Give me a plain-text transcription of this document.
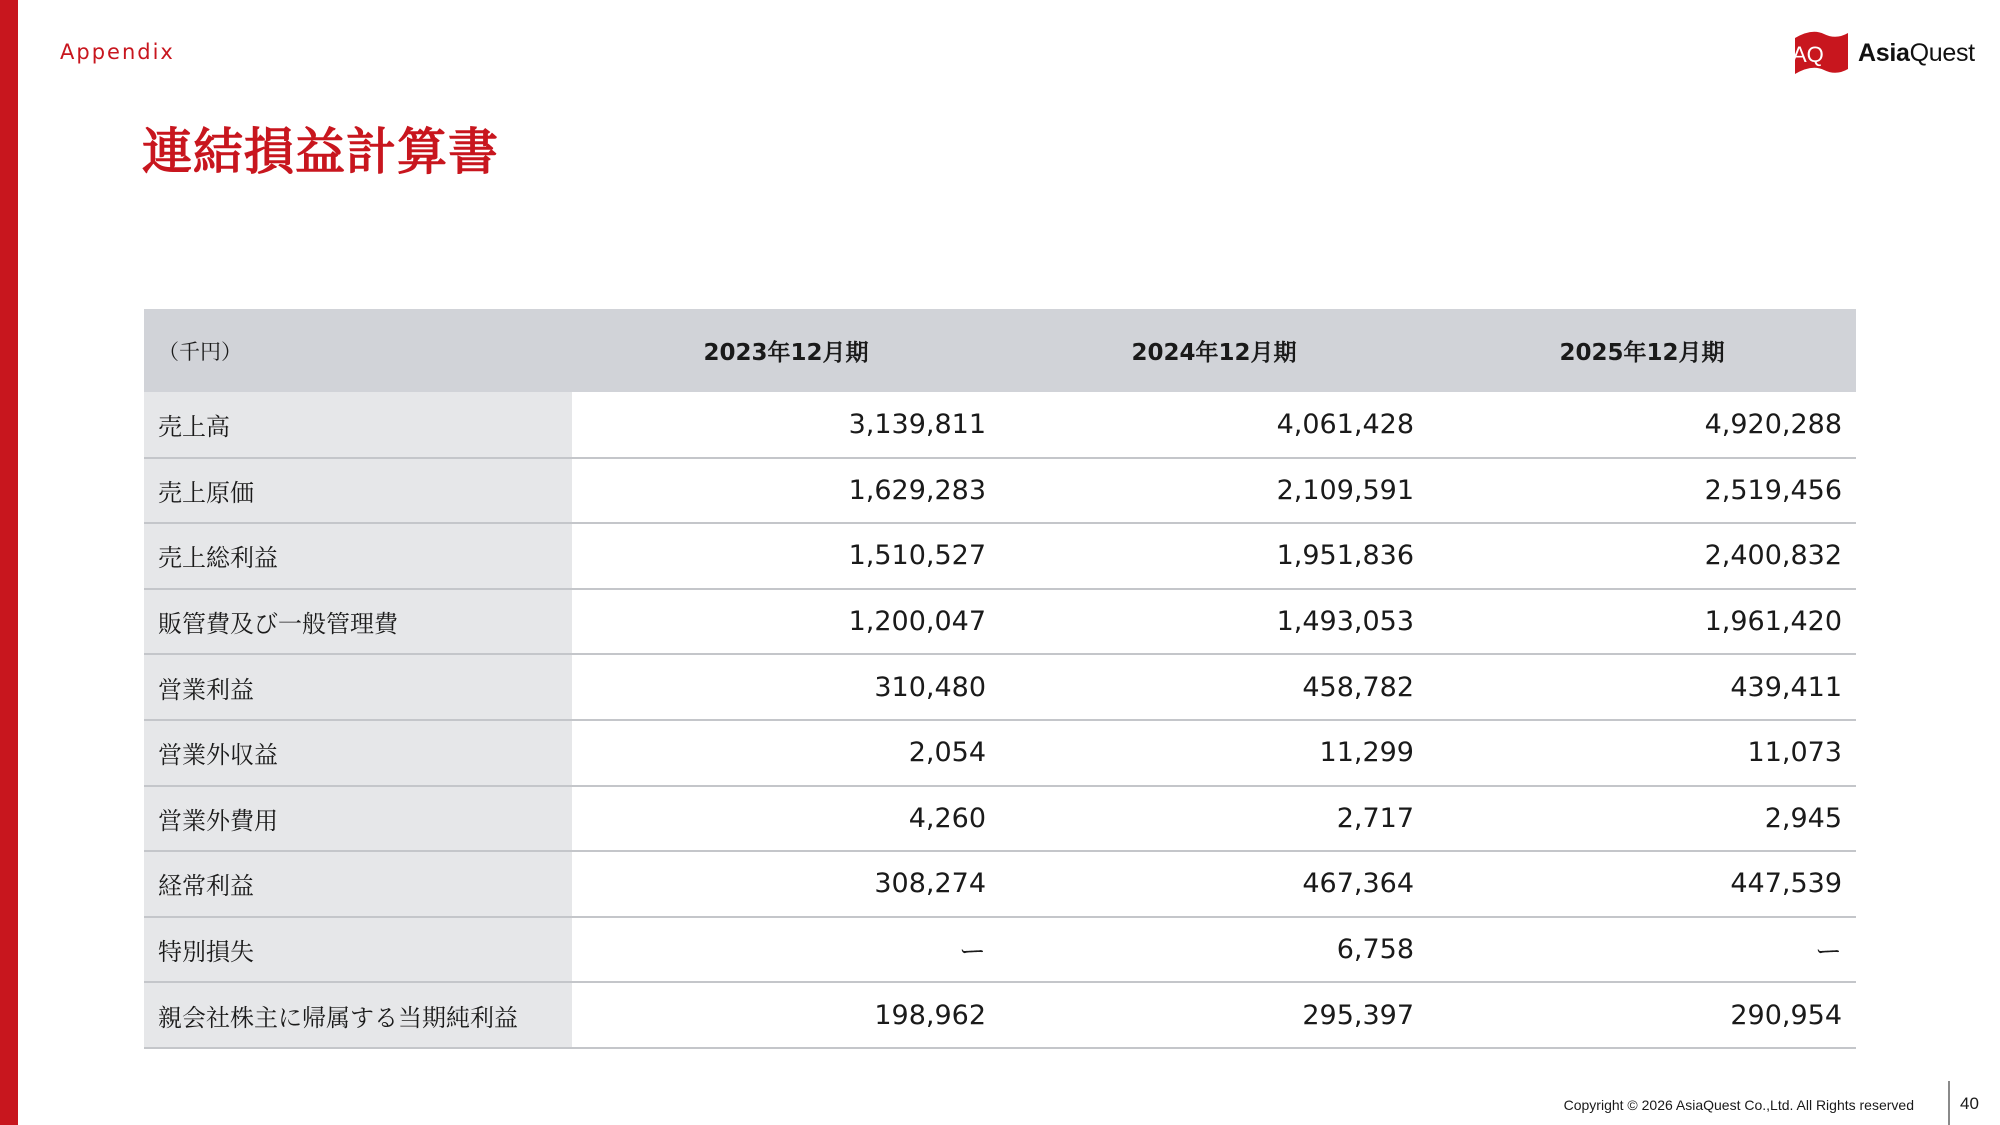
Appendix	AQ AsiaQuest
連結損益計算書
（千円）	2023年12月期	2024年12月期	2025年12月期
売上高	3,139,811	4,061,428	4,920,288
売上原価	1,629,283	2,109,591	2,519,456
売上総利益	1,510,527	1,951,836	2,400,832
販管費及び一般管理費	1,200,047	1,493,053	1,961,420
営業利益	310,480	458,782	439,411
営業外収益	2,054	11,299	11,073
営業外費用	4,260	2,717	2,945
経常利益	308,274	467,364	447,539
特別損失	ー	6,758	ー
親会社株主に帰属する当期純利益	198,962	295,397	290,954
Copyright © 2026 AsiaQuest Co.,Ltd. All Rights reserved	40
